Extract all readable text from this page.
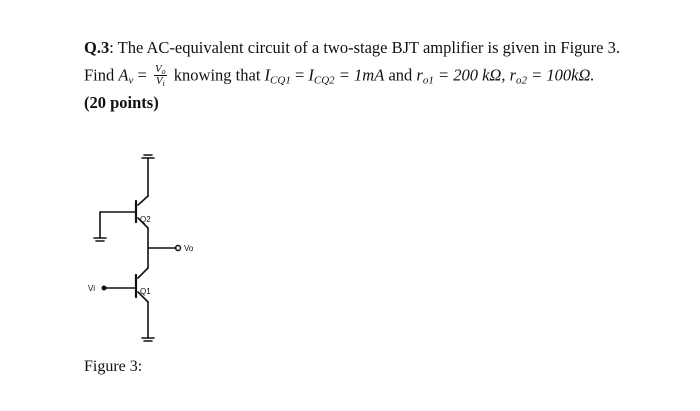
Q.3: The AC-equivalent circuit of a two-stage BJT amplifier is given in Figure 3.
Find $A_v = \frac{V_o}{V_i}$ knowing that $I_{CQ1} = I_{CQ2} = 1mA$ and $r_{o1} = 200$ kΩ, $r_{o2} = 100k\Omega$.
(20 points)
Q2
Q1
Vi
Vo
Figure 3:
